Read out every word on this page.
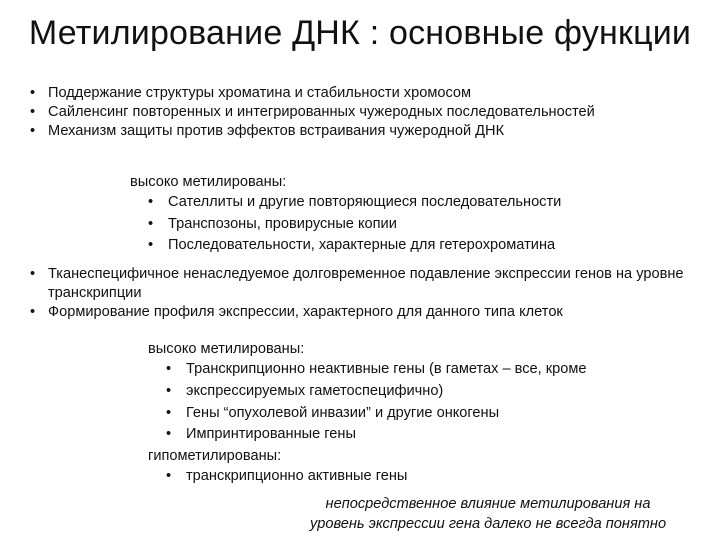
Метилирование ДНК : основные функции
• Поддержание структуры хроматина и стабильности хромосом
• Сайленсинг повторенных и интегрированных чужеродных последовательностей
• Механизм защиты против эффектов встраивания чужеродной ДНК
высоко метилированы:
• Сателлиты и другие повторяющиеся последовательности
• Транспозоны, провирусные копии
• Последовательности, характерные для гетерохроматина
• Тканеспецифичное ненаследуемое долговременное подавление экспрессии генов на уровне транскрипции
• Формирование профиля экспрессии, характерного для данного типа клеток
высоко метилированы:
• Транскрипционно неактивные гены (в гаметах – все, кроме
• экспрессируемых гаметоспецифично)
• Гены “опухолевой инвазии” и другие онкогены
• Импринтированные гены
гипометилированы:
• транскрипционно активные гены
непосредственное влияние метилирования на
уровень экспрессии гена далеко не всегда понятно
